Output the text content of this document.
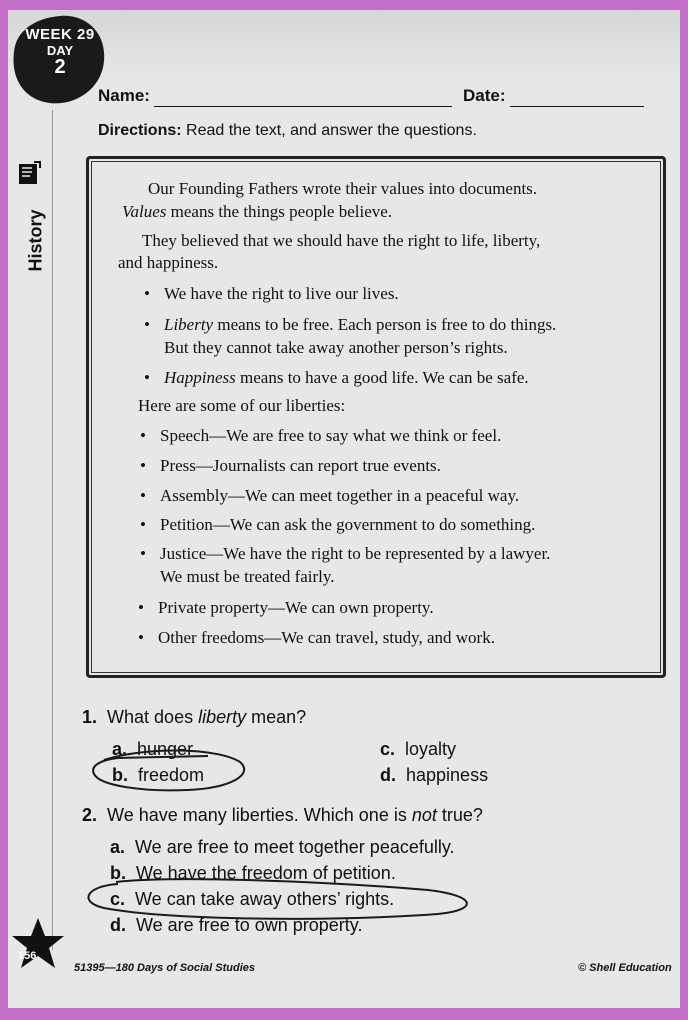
WEEK 29
DAY
2
History
Name:	Date:
Directions: Read the text, and answer the questions.
Our Founding Fathers wrote their values into documents.
Values means the things people believe.
They believed that we should have the right to life, liberty,
and happiness.
• We have the right to live our lives.
• Liberty means to be free. Each person is free to do things.
But they cannot take away another person’s rights.
• Happiness means to have a good life. We can be safe.
Here are some of our liberties:
• Speech—We are free to say what we think or feel.
• Press—Journalists can report true events.
• Assembly—We can meet together in a peaceful way.
• Petition—We can ask the government to do something.
• Justice—We have the right to be represented by a lawyer.
We must be treated fairly.
• Private property—We can own property.
• Other freedoms—We can travel, study, and work.
1. What does liberty mean?
a. hunger
b. freedom
c. loyalty
d. happiness
2. We have many liberties. Which one is not true?
a. We are free to meet together peacefully.
b. We have the freedom of petition.
c. We can take away others’ rights.
d. We are free to own property.
156
51395—180 Days of Social Studies	© Shell Education
